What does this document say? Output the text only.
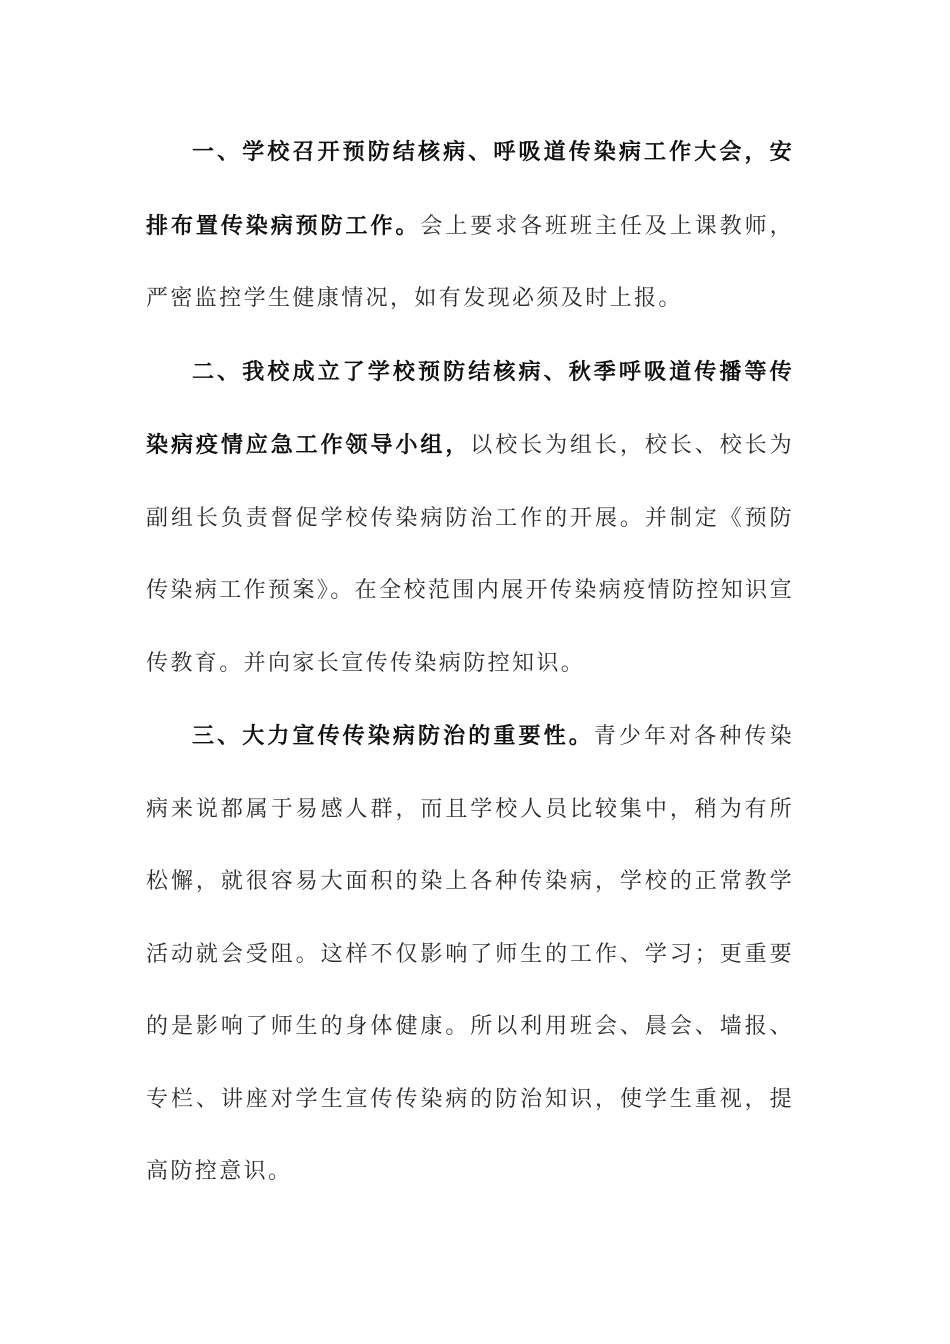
一、学校召开预防结核病、呼吸道传染病工作大会，安排布置传染病预防工作。会上要求各班班主任及上课教师，严密监控学生健康情况，如有发现必须及时上报。

二、我校成立了学校预防结核病、秋季呼吸道传播等传染病疫情应急工作领导小组，以校长为组长，校长、校长为副组长负责督促学校传染病防治工作的开展。并制定《预防传染病工作预案》。在全校范围内展开传染病疫情防控知识宣传教育。并向家长宣传传染病防控知识。

三、大力宣传传染病防治的重要性。青少年对各种传染病来说都属于易感人群，而且学校人员比较集中，稍为有所松懈，就很容易大面积的染上各种传染病，学校的正常教学活动就会受阻。这样不仅影响了师生的工作、学习；更重要的是影响了师生的身体健康。所以利用班会、晨会、墙报、专栏、讲座对学生宣传传染病的防治知识，使学生重视，提高防控意识。
